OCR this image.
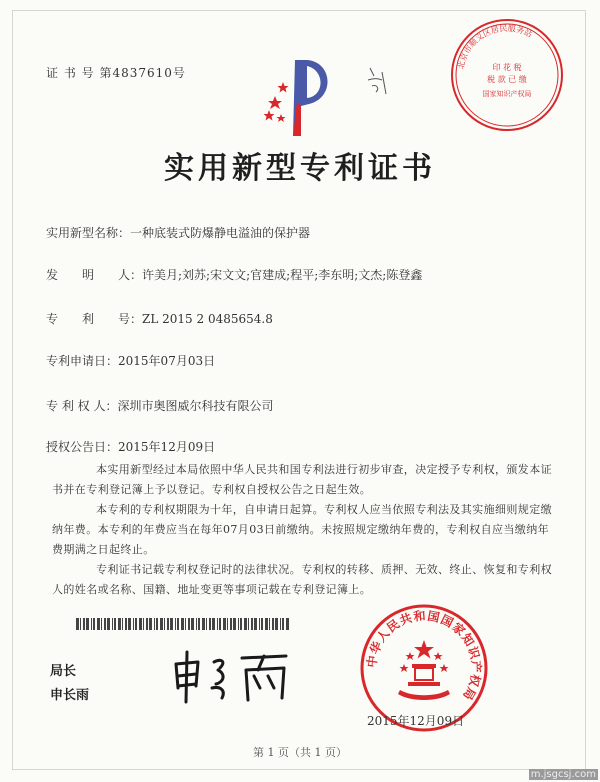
证 书 号 第4837610号
北京市顺义区居民服务站
印 花 税
税 款 已 缴
国家知识产权局
实用新型专利证书
实用新型名称：一种底装式防爆静电溢油的保护器
发　　明　　人：许美月;刘苏;宋文文;官建成;程平;李东明;文杰;陈登鑫
专　　利　　号：ZL 2015 2 0485654.8
专利申请日：2015年07月03日
专 利 权 人：深圳市奥图威尔科技有限公司
授权公告日：2015年12月09日

本实用新型经过本局依照中华人民共和国专利法进行初步审查，决定授予专利权，颁发本证书并在专利登记簿上予以登记。专利权自授权公告之日起生效。

本专利的专利权期限为十年，自申请日起算。专利权人应当依照专利法及其实施细则规定缴纳年费。本专利的年费应当在每年07月03日前缴纳。未按照规定缴纳年费的，专利权自应当缴纳年费期满之日起终止。

专利证书记载专利权登记时的法律状况。专利权的转移、质押、无效、终止、恢复和专利权人的姓名或名称、国籍、地址变更等事项记载在专利登记簿上。

局长
申长雨
中华人民共和国国家知识产权局
2015年12月09日
第 1 页（共 1 页）
m.jsgcsj.com
